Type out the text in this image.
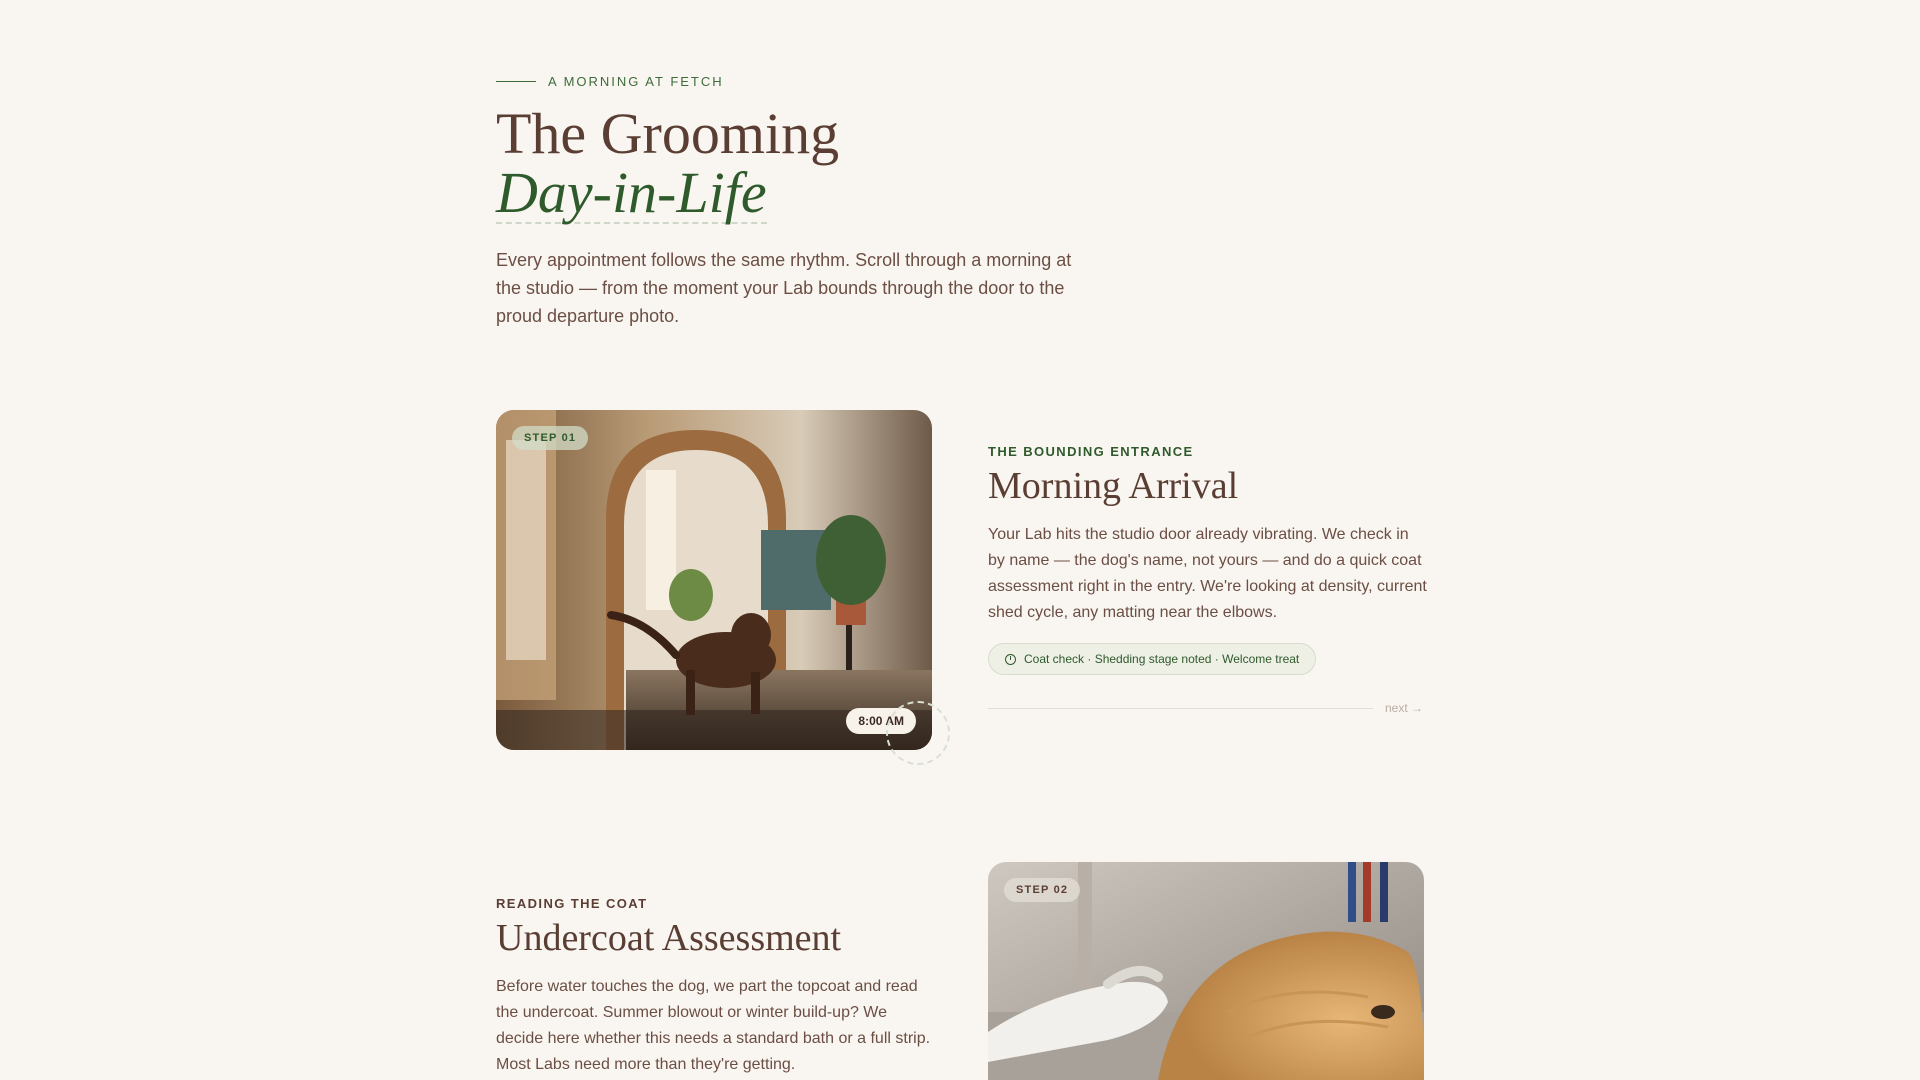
A MORNING AT FETCH
The Grooming
Day-in-Life

Every appointment follows the same rhythm. Scroll through a morning at the studio — from the moment your Lab bounds through the door to the proud departure photo.

STEP 01
8:00 AM
THE BOUNDING ENTRANCE
Morning Arrival

Your Lab hits the studio door already vibrating. We check in by name — the dog's name, not yours — and do a quick coat assessment right in the entry. We're looking at density, current shed cycle, any matting near the elbows.

Coat check · Shedding stage noted · Welcome treat
next →
READING THE COAT
Undercoat Assessment

Before water touches the dog, we part the topcoat and read the undercoat. Summer blowout or winter build-up? We decide here whether this needs a standard bath or a full strip. Most Labs need more than they're getting.

STEP 02
